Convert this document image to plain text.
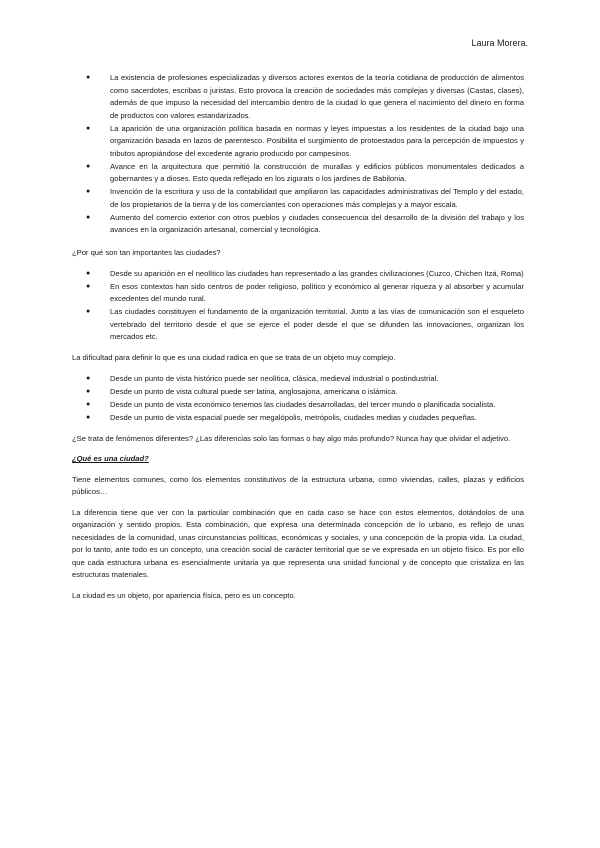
Laura Morera.
●	La existencia de profesiones especializadas y diversos actores exentos de la teoría cotidiana de producción de alimentos como sacerdotes, escribas o juristas. Esto provoca la creación de sociedades más complejas y diversas (Castas, clases), además de que impuso la necesidad del intercambio dentro de la ciudad lo que genera el nacimiento del dinero en forma de productos con valores estandarizados.
●	La aparición de una organización política basada en normas y leyes impuestas a los residentes de la ciudad bajo una organización basada en lazos de parentesco. Posibilita el surgimiento de protoestados para la percepción de impuestos y tributos apropiándose del excedente agrario producido por campesinos.
●	Avance en la arquitectura que permitió la construcción de murallas y edificios públicos monumentales dedicados a gobernantes y a dioses. Esto queda reflejado en los zigurats o los jardines de Babilonia.
●	Invención de la escritura y uso de la contabilidad que ampliaron las capacidades administrativas del Templo y del estado, de los propietarios de la tierra y de los comerciantes con operaciones más complejas y a mayor escala.
●	Aumento del comercio exterior con otros pueblos y ciudades consecuencia del desarrollo de la división del trabajo y los avances en la organización artesanal, comercial y tecnológica.

¿Por qué son tan importantes las ciudades?

●	Desde su aparición en el neolítico las ciudades han representado a las grandes civilizaciones (Cuzco, Chichen Itzá, Roma)
●	En esos contextos han sido centros de poder religioso, político y económico al generar riqueza y al absorber y acumular excedentes del mundo rural.
●	Las ciudades constituyen el fundamento de la organización territorial. Junto a las vías de comunicación son el esqueleto vertebrado del territorio desde el que se ejerce el poder desde el que se difunden las innovaciones, organizan los mercados etc.

La dificultad para definir lo que es una ciudad radica en que se trata de un objeto muy complejo.

●	Desde un punto de vista histórico puede ser neolítica, clásica, medieval industrial o postindustrial.
●	Desde un punto de vista cultural puede ser latina, anglosajona, americana o islámica.
●	Desde un punto de vista económico tenemos las ciudades desarrolladas, del tercer mundo o planificada socialista.
●	Desde un punto de vista espacial puede ser megalópolis, metrópolis, ciudades medias y ciudades pequeñas.

¿Se trata de fenómenos diferentes? ¿Las diferencias solo las formas o hay algo más profundo? Nunca hay que olvidar el adjetivo.

¿Qué es una ciudad?

Tiene elementos comunes, como los elementos constitutivos de la estructura urbana, como viviendas, calles, plazas y edificios públicos…

La diferencia tiene que ver con la particular combinación que en cada caso se hace con estos elementos, dotándolos de una organización y sentido propios. Esta combinación, que expresa una determinada concepción de lo urbano, es reflejo de unas necesidades de la comunidad, unas circunstancias políticas, económicas y sociales, y una concepción de la propia vida. La ciudad, por lo tanto, ante todo es un concepto, una creación social de carácter territorial que se ve expresada en un objeto físico. Es por ello que cada estructura urbana es esencialmente unitaria ya que representa una unidad funcional y de concepto que cristaliza en las estructuras materiales.

La ciudad es un objeto, por apariencia física, pero es un concepto.
